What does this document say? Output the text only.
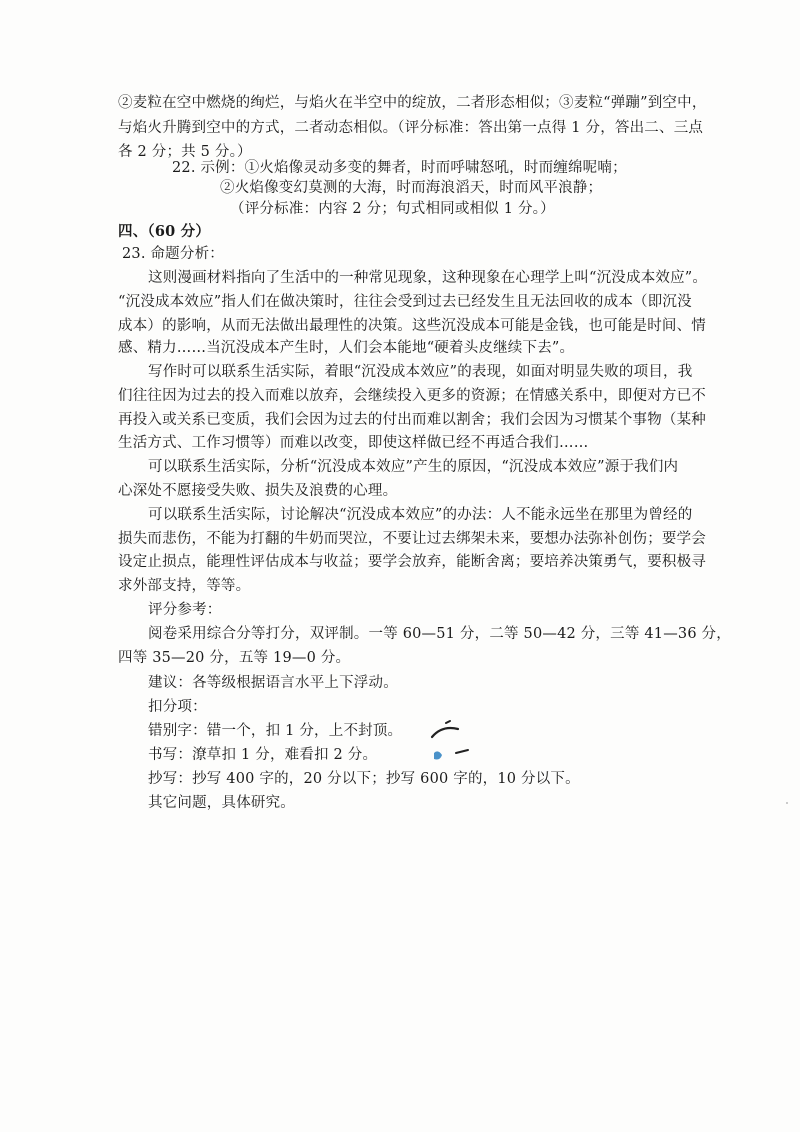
②麦粒在空中燃烧的绚烂，与焰火在半空中的绽放，二者形态相似；③麦粒“弹蹦”到空中，
与焰火升腾到空中的方式，二者动态相似。（评分标准：答出第一点得 1 分，答出二、三点
各 2 分；共 5 分。）
22. 示例：①火焰像灵动多变的舞者，时而呼啸怒吼，时而缠绵呢喃；
②火焰像变幻莫测的大海，时而海浪滔天，时而风平浪静；
（评分标准：内容 2 分；句式相同或相似 1 分。）
四、（60 分）
23. 命题分析：
这则漫画材料指向了生活中的一种常见现象，这种现象在心理学上叫“沉没成本效应”。
“沉没成本效应”指人们在做决策时，往往会受到过去已经发生且无法回收的成本（即沉没
成本）的影响，从而无法做出最理性的决策。这些沉没成本可能是金钱，也可能是时间、情
感、精力……当沉没成本产生时，人们会本能地“硬着头皮继续下去”。
写作时可以联系生活实际，着眼“沉没成本效应”的表现，如面对明显失败的项目，我
们往往因为过去的投入而难以放弃，会继续投入更多的资源；在情感关系中，即便对方已不
再投入或关系已变质，我们会因为过去的付出而难以割舍；我们会因为习惯某个事物（某种
生活方式、工作习惯等）而难以改变，即使这样做已经不再适合我们……
可以联系生活实际，分析“沉没成本效应”产生的原因，“沉没成本效应”源于我们内
心深处不愿接受失败、损失及浪费的心理。
可以联系生活实际，讨论解决“沉没成本效应”的办法：人不能永远坐在那里为曾经的
损失而悲伤，不能为打翻的牛奶而哭泣，不要让过去绑架未来，要想办法弥补创伤；要学会
设定止损点，能理性评估成本与收益；要学会放弃，能断舍离；要培养决策勇气，要积极寻
求外部支持，等等。
评分参考：
阅卷采用综合分等打分，双评制。一等 60—51 分，二等 50—42 分，三等 41—36 分，
四等 35—20 分，五等 19—0 分。
建议：各等级根据语言水平上下浮动。
扣分项：
错别字：错一个，扣 1 分，上不封顶。
书写：潦草扣 1 分，难看扣 2 分。
抄写：抄写 400 字的，20 分以下；抄写 600 字的，10 分以下。
其它问题，具体研究。
